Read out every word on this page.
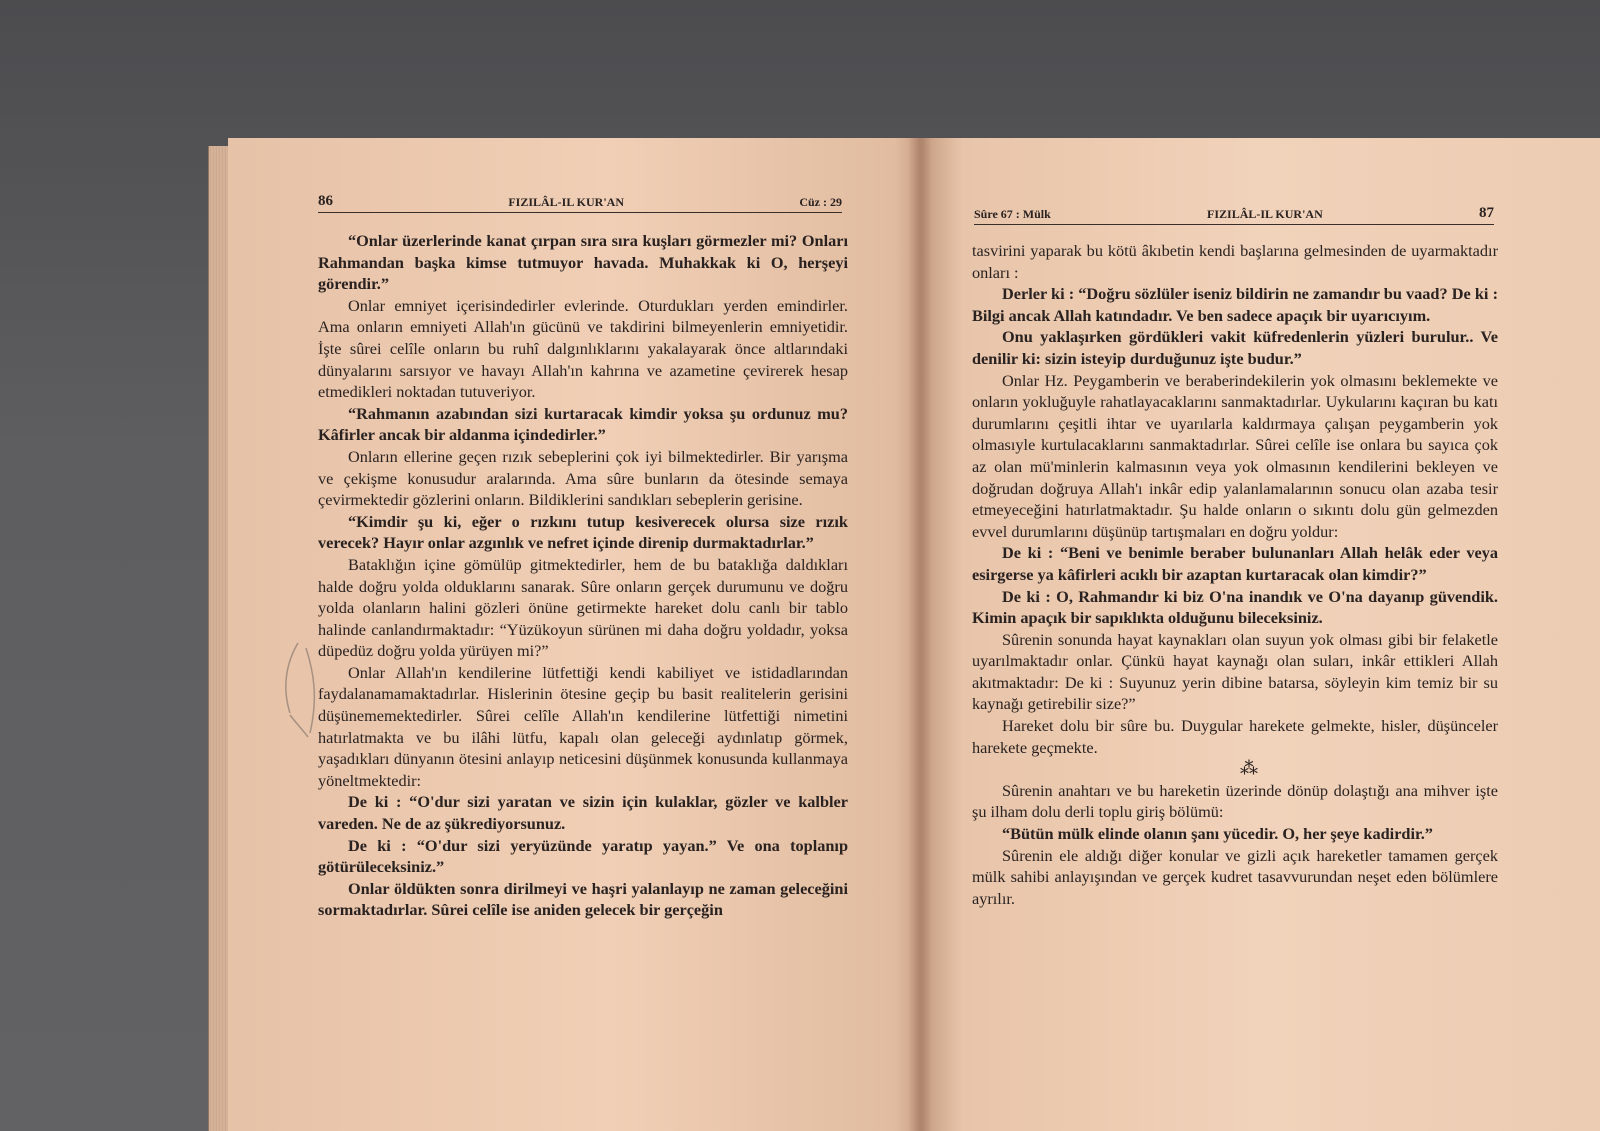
86	FIZILÂL-IL KUR'AN	Cüz : 29

“Onlar üzerlerinde kanat çırpan sıra sıra kuşları görmezler mi? Onları Rahmandan başka kimse tutmuyor havada. Muhakkak ki O, herşeyi görendir.”

Onlar emniyet içerisindedirler evlerinde. Oturdukları yerden emindirler. Ama onların emniyeti Allah'ın gücünü ve takdirini bilmeyenlerin emniyetidir. İşte sûrei celîle onların bu ruhî dalgınlıklarını yakalayarak önce altlarındaki dünyalarını sarsıyor ve havayı Allah'ın kahrına ve azametine çevirerek hesap etmedikleri noktadan tutuveriyor.

“Rahmanın azabından sizi kurtaracak kimdir yoksa şu ordunuz mu? Kâfirler ancak bir aldanma içindedirler.”

Onların ellerine geçen rızık sebeplerini çok iyi bilmektedirler. Bir yarışma ve çekişme konusudur aralarında. Ama sûre bunların da ötesinde semaya çevirmektedir gözlerini onların. Bildiklerini sandıkları sebeplerin gerisine.

“Kimdir şu ki, eğer o rızkını tutup kesiverecek olursa size rızık verecek? Hayır onlar azgınlık ve nefret içinde direnip durmaktadırlar.”

Bataklığın içine gömülüp gitmektedirler, hem de bu bataklığa daldıkları halde doğru yolda olduklarını sanarak. Sûre onların gerçek durumunu ve doğru yolda olanların halini gözleri önüne getirmekte hareket dolu canlı bir tablo halinde canlandırmaktadır: “Yüzükoyun sürünen mi daha doğru yoldadır, yoksa düpedüz doğru yolda yürüyen mi?”

Onlar Allah'ın kendilerine lütfettiği kendi kabiliyet ve istidadlarından faydalanamamaktadırlar. Hislerinin ötesine geçip bu basit realitelerin gerisini düşünememektedirler. Sûrei celîle Allah'ın kendilerine lütfettiği nimetini hatırlatmakta ve bu ilâhi lütfu, kapalı olan geleceği aydınlatıp görmek, yaşadıkları dünyanın ötesini anlayıp neticesini düşünmek konusunda kullanmaya yöneltmektedir:

De ki : “O'dur sizi yaratan ve sizin için kulaklar, gözler ve kalbler vareden. Ne de az şükrediyorsunuz.

De ki : “O'dur sizi yeryüzünde yaratıp yayan.” Ve ona toplanıp götürüleceksiniz.”

Onlar öldükten sonra dirilmeyi ve haşri yalanlayıp ne zaman geleceğini sormaktadırlar. Sûrei celîle ise aniden gelecek bir gerçeğin

Sûre 67 : Mülk	FIZILÂL-IL KUR'AN	87

tasvirini yaparak bu kötü âkıbetin kendi başlarına gelmesinden de uyarmaktadır onları :

Derler ki : “Doğru sözlüler iseniz bildirin ne zamandır bu vaad? De ki : Bilgi ancak Allah katındadır. Ve ben sadece apaçık bir uyarıcıyım.

Onu yaklaşırken gördükleri vakit küfredenlerin yüzleri burulur.. Ve denilir ki: sizin isteyip durduğunuz işte budur.”

Onlar Hz. Peygamberin ve beraberindekilerin yok olmasını beklemekte ve onların yokluğuyle rahatlayacaklarını sanmaktadırlar. Uykularını kaçıran bu katı durumlarını çeşitli ihtar ve uyarılarla kaldırmaya çalışan peygamberin yok olmasıyle kurtulacaklarını sanmaktadırlar. Sûrei celîle ise onlara bu sayıca çok az olan mü'minlerin kalmasının veya yok olmasının kendilerini bekleyen ve doğrudan doğruya Allah'ı inkâr edip yalanlamalarının sonucu olan azaba tesir etmeyeceğini hatırlatmaktadır. Şu halde onların o sıkıntı dolu gün gelmezden evvel durumlarını düşünüp tartışmaları en doğru yoldur:

De ki : “Beni ve benimle beraber bulunanları Allah helâk eder veya esirgerse ya kâfirleri acıklı bir azaptan kurtaracak olan kimdir?”

De ki : O, Rahmandır ki biz O'na inandık ve O'na dayanıp güvendik. Kimin apaçık bir sapıklıkta olduğunu bileceksiniz.

Sûrenin sonunda hayat kaynakları olan suyun yok olması gibi bir felaketle uyarılmaktadır onlar. Çünkü hayat kaynağı olan suları, inkâr ettikleri Allah akıtmaktadır: De ki : Suyunuz yerin dibine batarsa, söyleyin kim temiz bir su kaynağı getirebilir size?”

Hareket dolu bir sûre bu. Duygular harekete gelmekte, hisler, düşünceler harekete geçmekte.

⁂

Sûrenin anahtarı ve bu hareketin üzerinde dönüp dolaştığı ana mihver işte şu ilham dolu derli toplu giriş bölümü:

“Bütün mülk elinde olanın şanı yücedir. O, her şeye kadirdir.”

Sûrenin ele aldığı diğer konular ve gizli açık hareketler tamamen gerçek mülk sahibi anlayışından ve gerçek kudret tasavvurundan neşet eden bölümlere ayrılır.
